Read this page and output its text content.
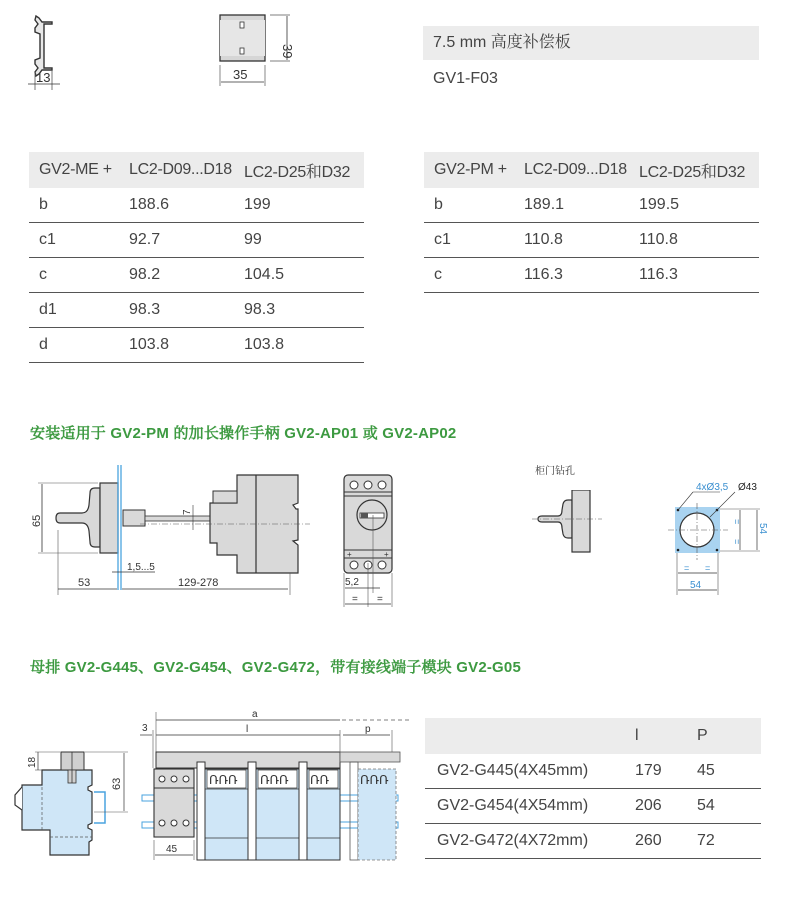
13
39
35
7.5 mm 高度补偿板
GV1-F03
GV2-ME +	LC2-D09...D18	LC2-D25和D32
b	188.6	199
c1	92.7	99
c	98.2	104.5
d1	98.3	98.3
d	103.8	103.8
GV2-PM +	LC2-D09...D18	LC2-D25和D32
b	189.1	199.5
c1	110.8	110.8
c	116.3	116.3
安装适用于 GV2-PM 的加长操作手柄 GV2-AP01 或 GV2-AP02
65
53
1,5...5
129-278
7
+	+
5,2
= =
柜门钻孔
4xØ3,5 Ø43
54
=
=
= =
54
母排 GV2-G445、GV2-G454、GV2-G472，带有接线端子模块 GV2-G05
18
63
a
l	p
3
ՌՌՌ ՌՌՌ ՌՌ	ՌՌՌ
45
	l	P
GV2-G445(4X45mm)	179	45
GV2-G454(4X54mm)	206	54
GV2-G472(4X72mm)	260	72
